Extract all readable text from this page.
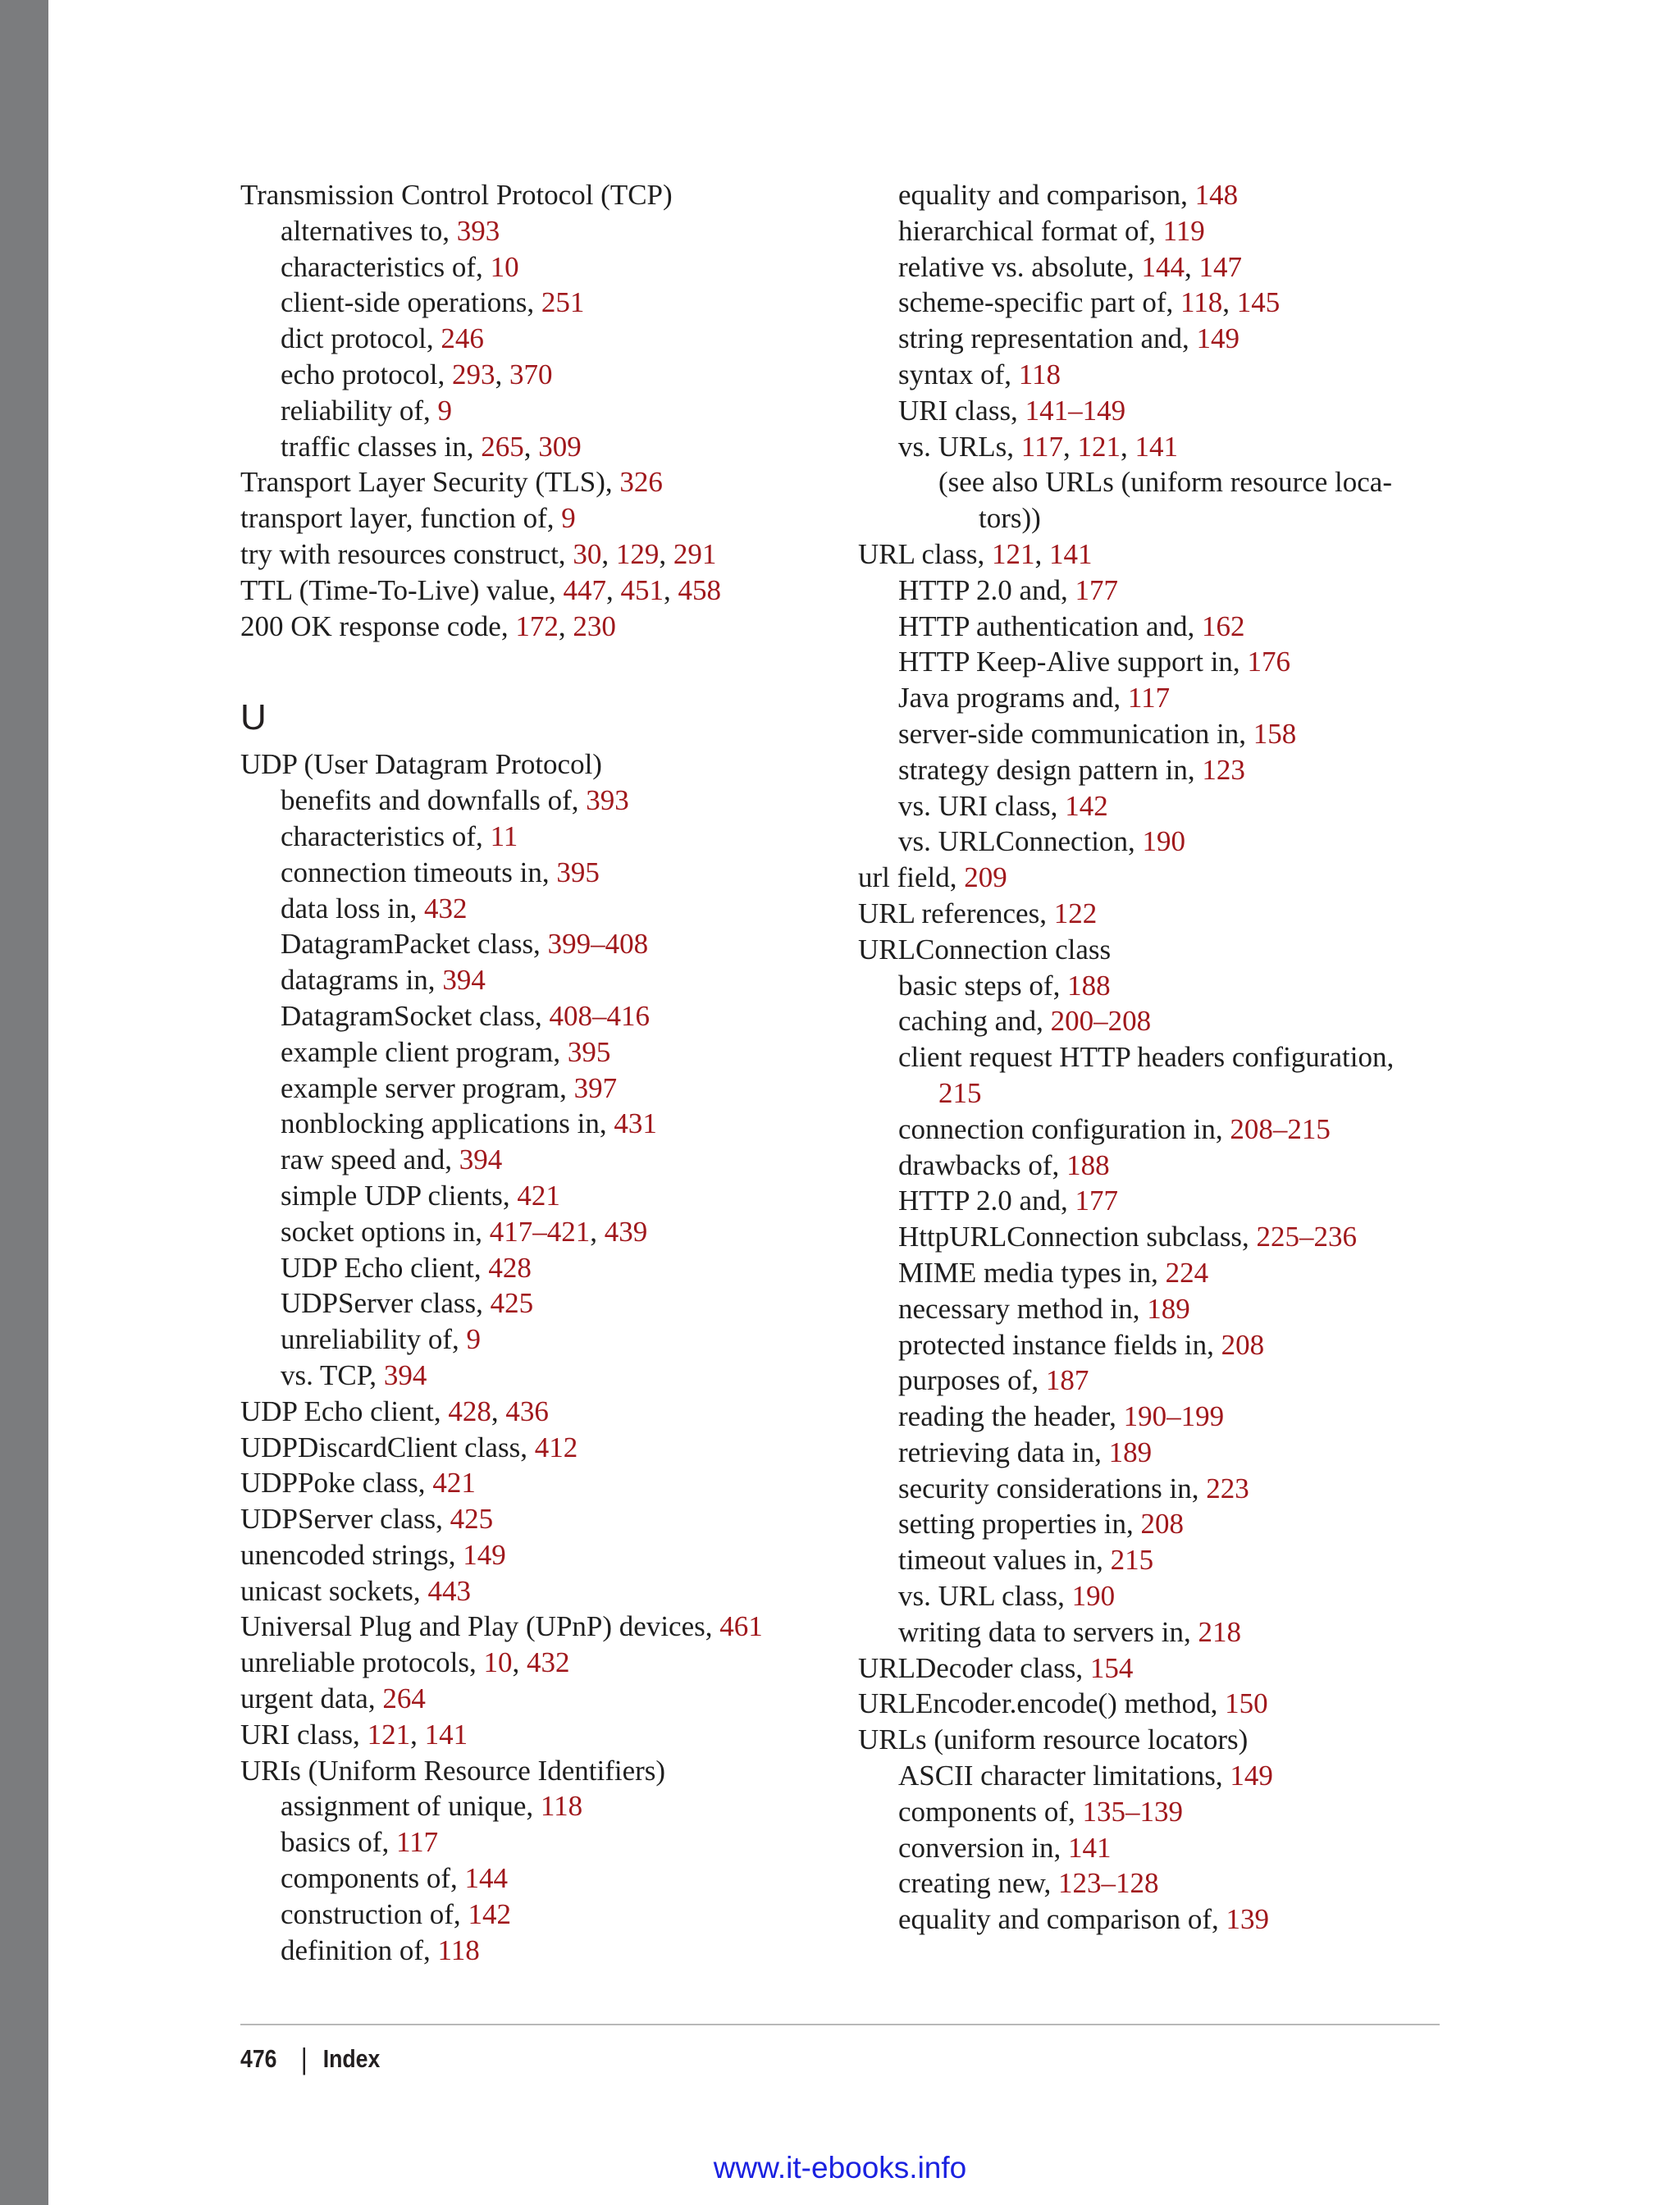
Transmission Control Protocol (TCP)
alternatives to, 393
characteristics of, 10
client-side operations, 251
dict protocol, 246
echo protocol, 293, 370
reliability of, 9
traffic classes in, 265, 309
Transport Layer Security (TLS), 326
transport layer, function of, 9
try with resources construct, 30, 129, 291
TTL (Time-To-Live) value, 447, 451, 458
200 OK response code, 172, 230
U
UDP (User Datagram Protocol)
benefits and downfalls of, 393
characteristics of, 11
connection timeouts in, 395
data loss in, 432
DatagramPacket class, 399–408
datagrams in, 394
DatagramSocket class, 408–416
example client program, 395
example server program, 397
nonblocking applications in, 431
raw speed and, 394
simple UDP clients, 421
socket options in, 417–421, 439
UDP Echo client, 428
UDPServer class, 425
unreliability of, 9
vs. TCP, 394
UDP Echo client, 428, 436
UDPDiscardClient class, 412
UDPPoke class, 421
UDPServer class, 425
unencoded strings, 149
unicast sockets, 443
Universal Plug and Play (UPnP) devices, 461
unreliable protocols, 10, 432
urgent data, 264
URI class, 121, 141
URIs (Uniform Resource Identifiers)
assignment of unique, 118
basics of, 117
components of, 144
construction of, 142
definition of, 118
equality and comparison, 148
hierarchical format of, 119
relative vs. absolute, 144, 147
scheme-specific part of, 118, 145
string representation and, 149
syntax of, 118
URI class, 141–149
vs. URLs, 117, 121, 141
(see also URLs (uniform resource loca-
tors))
URL class, 121, 141
HTTP 2.0 and, 177
HTTP authentication and, 162
HTTP Keep-Alive support in, 176
Java programs and, 117
server-side communication in, 158
strategy design pattern in, 123
vs. URI class, 142
vs. URLConnection, 190
url field, 209
URL references, 122
URLConnection class
basic steps of, 188
caching and, 200–208
client request HTTP headers configuration,
215
connection configuration in, 208–215
drawbacks of, 188
HTTP 2.0 and, 177
HttpURLConnection subclass, 225–236
MIME media types in, 224
necessary method in, 189
protected instance fields in, 208
purposes of, 187
reading the header, 190–199
retrieving data in, 189
security considerations in, 223
setting properties in, 208
timeout values in, 215
vs. URL class, 190
writing data to servers in, 218
URLDecoder class, 154
URLEncoder.encode() method, 150
URLs (uniform resource locators)
ASCII character limitations, 149
components of, 135–139
conversion in, 141
creating new, 123–128
equality and comparison of, 139
476 | Index
www.it-ebooks.info
